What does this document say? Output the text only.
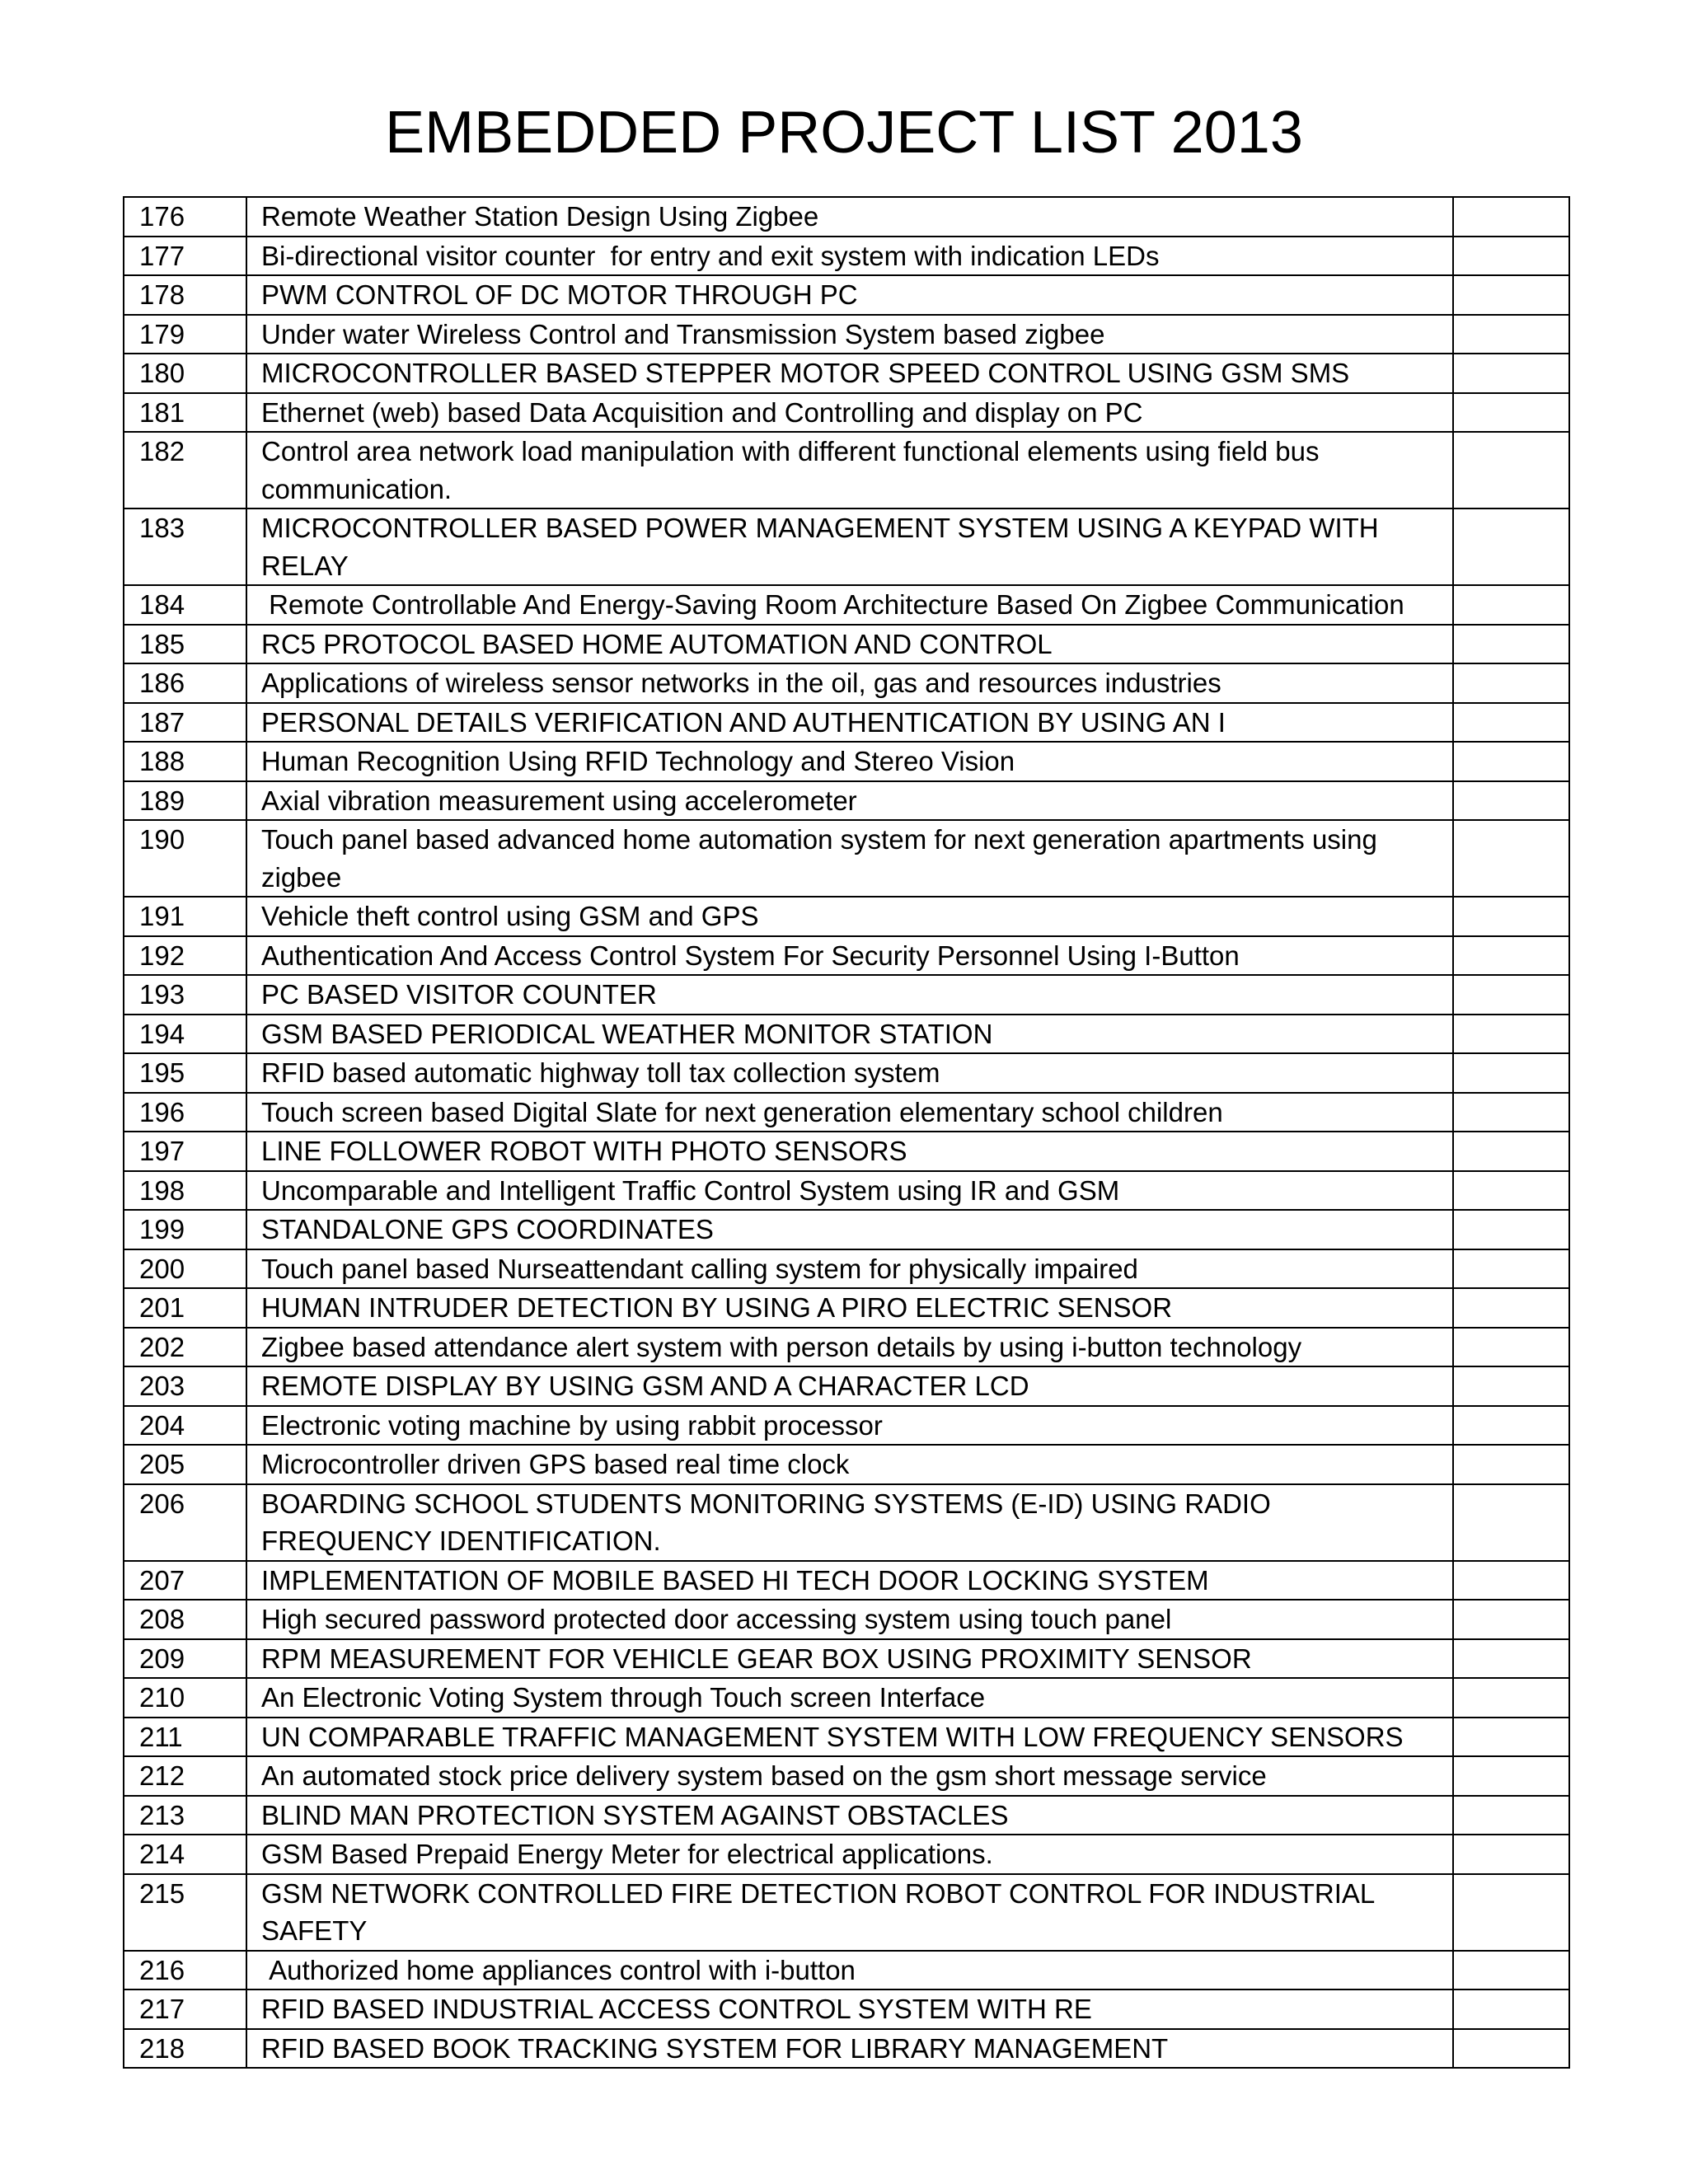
EMBEDDED PROJECT LIST 2013
176	Remote Weather Station Design Using Zigbee	
177	Bi-directional visitor counter  for entry and exit system with indication LEDs	
178	PWM CONTROL OF DC MOTOR THROUGH PC	
179	Under water Wireless Control and Transmission System based zigbee	
180	MICROCONTROLLER BASED STEPPER MOTOR SPEED CONTROL USING GSM SMS	
181	Ethernet (web) based Data Acquisition and Controlling and display on PC	
182	Control area network load manipulation with different functional elements using field bus communication.	
183	MICROCONTROLLER BASED POWER MANAGEMENT SYSTEM USING A KEYPAD WITH RELAY	
184	Remote Controllable And Energy-Saving Room Architecture Based On Zigbee Communication	
185	RC5 PROTOCOL BASED HOME AUTOMATION AND CONTROL	
186	Applications of wireless sensor networks in the oil, gas and resources industries	
187	PERSONAL DETAILS VERIFICATION AND AUTHENTICATION BY USING AN I	
188	Human Recognition Using RFID Technology and Stereo Vision	
189	Axial vibration measurement using accelerometer	
190	Touch panel based advanced home automation system for next generation apartments using zigbee	
191	Vehicle theft control using GSM and GPS	
192	Authentication And Access Control System For Security Personnel Using I-Button	
193	PC BASED VISITOR COUNTER	
194	GSM BASED PERIODICAL WEATHER MONITOR STATION	
195	RFID based automatic highway toll tax collection system	
196	Touch screen based Digital Slate for next generation elementary school children	
197	LINE FOLLOWER ROBOT WITH PHOTO SENSORS	
198	Uncomparable and Intelligent Traffic Control System using IR and GSM	
199	STANDALONE GPS COORDINATES	
200	Touch panel based Nurseattendant calling system for physically impaired	
201	HUMAN INTRUDER DETECTION BY USING A PIRO ELECTRIC SENSOR	
202	Zigbee based attendance alert system with person details by using i-button technology	
203	REMOTE DISPLAY BY USING GSM AND A CHARACTER LCD	
204	Electronic voting machine by using rabbit processor	
205	Microcontroller driven GPS based real time clock	
206	BOARDING SCHOOL STUDENTS MONITORING SYSTEMS (E-ID) USING RADIO FREQUENCY IDENTIFICATION.	
207	IMPLEMENTATION OF MOBILE BASED HI TECH DOOR LOCKING SYSTEM	
208	High secured password protected door accessing system using touch panel	
209	RPM MEASUREMENT FOR VEHICLE GEAR BOX USING PROXIMITY SENSOR	
210	An Electronic Voting System through Touch screen Interface	
211	UN COMPARABLE TRAFFIC MANAGEMENT SYSTEM WITH LOW FREQUENCY SENSORS	
212	An automated stock price delivery system based on the gsm short message service	
213	BLIND MAN PROTECTION SYSTEM AGAINST OBSTACLES	
214	GSM Based Prepaid Energy Meter for electrical applications.	
215	GSM NETWORK CONTROLLED FIRE DETECTION ROBOT CONTROL FOR INDUSTRIAL SAFETY	
216	Authorized home appliances control with i-button	
217	RFID BASED INDUSTRIAL ACCESS CONTROL SYSTEM WITH RE	
218	RFID BASED BOOK TRACKING SYSTEM FOR LIBRARY MANAGEMENT	
